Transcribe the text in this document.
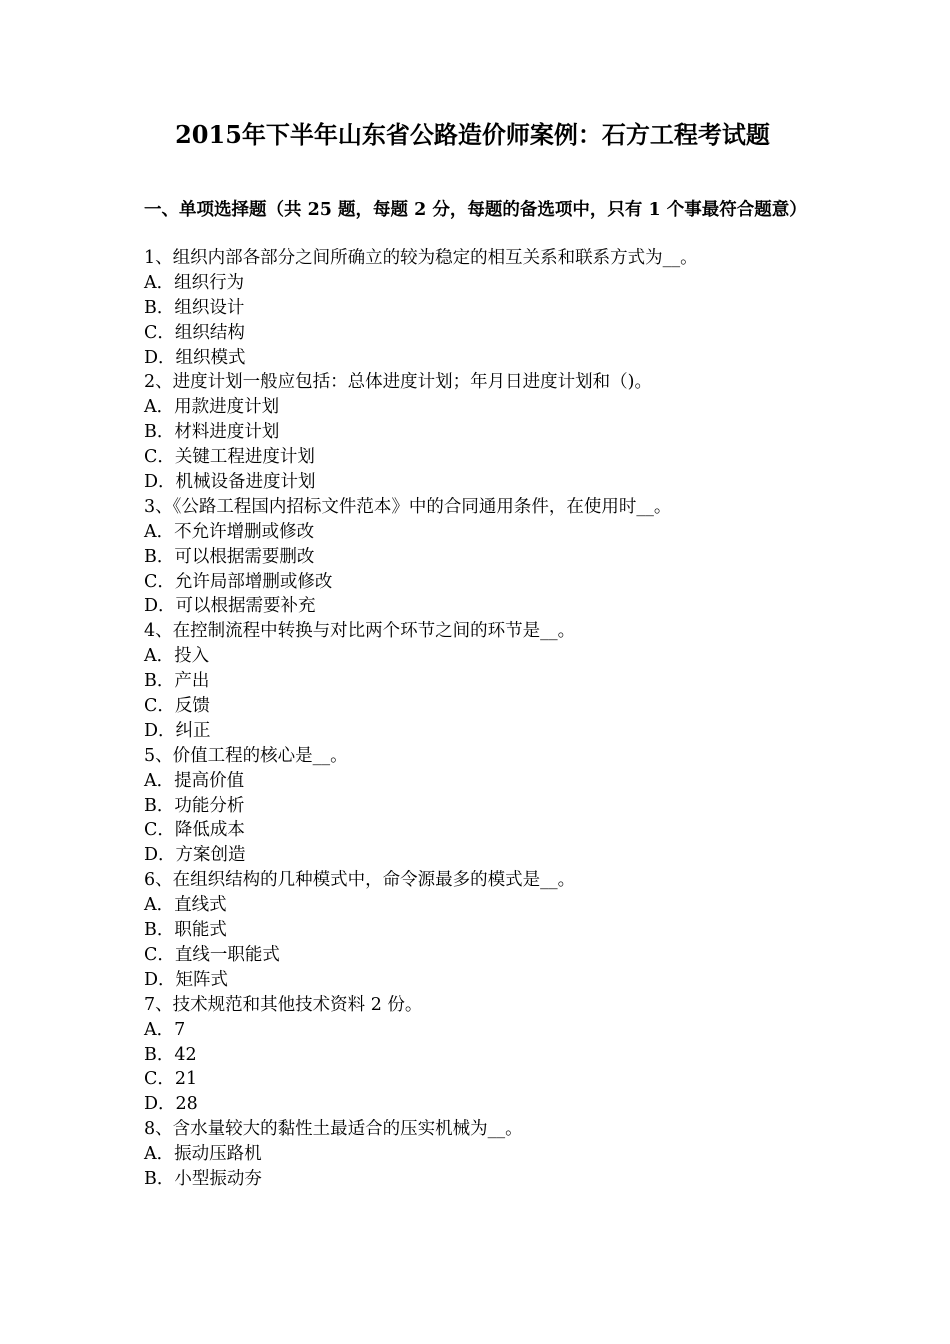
2015年下半年山东省公路造价师案例：石方工程考试题
一、单项选择题（共 25 题，每题 2 分，每题的备选项中，只有 1 个事最符合题意）
1、组织内部各部分之间所确立的较为稳定的相互关系和联系方式为__。
A．组织行为
B．组织设计
C．组织结构
D．组织模式
2、进度计划一般应包括：总体进度计划；年月日进度计划和（)。
A．用款进度计划
B．材料进度计划
C．关键工程进度计划
D．机械设备进度计划
3、《公路工程国内招标文件范本》中的合同通用条件，在使用时__。
A．不允许增删或修改
B．可以根据需要删改
C．允许局部增删或修改
D．可以根据需要补充
4、在控制流程中转换与对比两个环节之间的环节是__。
A．投入
B．产出
C．反馈
D．纠正
5、价值工程的核心是__。
A．提高价值
B．功能分析
C．降低成本
D．方案创造
6、在组织结构的几种模式中，命令源最多的模式是__。
A．直线式
B．职能式
C．直线一职能式
D．矩阵式
7、技术规范和其他技术资料 2 份。
A．7
B．42
C．21
D．28
8、含水量较大的黏性土最适合的压实机械为__。
A．振动压路机
B．小型振动夯
